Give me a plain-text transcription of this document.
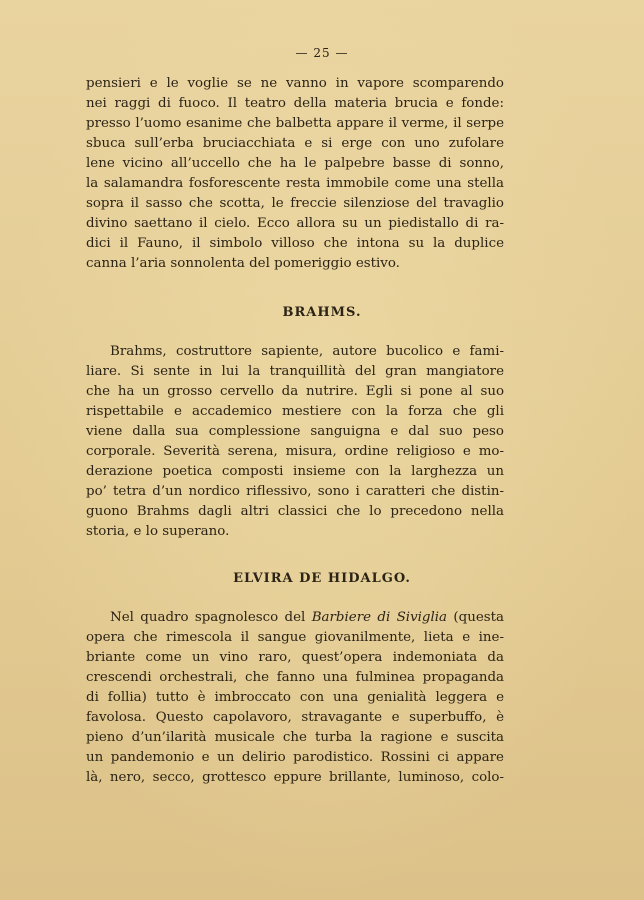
— 25 —
pensieri e le voglie se ne vanno in vapore scomparendo
nei raggi di fuoco. Il teatro della materia brucia e fonde:
presso l’uomo esanime che balbetta appare il verme, il serpe
sbuca sull’erba bruciacchiata e si erge con uno zufolare
lene vicino all’uccello che ha le palpebre basse di sonno,
la salamandra fosforescente resta immobile come una stella
sopra il sasso che scotta, le freccie silenziose del travaglio
divino saettano il cielo. Ecco allora su un piedistallo di ra-
dici il Fauno, il simbolo villoso che intona su la duplice
canna l’aria sonnolenta del pomeriggio estivo.
BRAHMS.
Brahms, costruttore sapiente, autore bucolico e fami-
liare. Si sente in lui la tranquillità del gran mangiatore
che ha un grosso cervello da nutrire. Egli si pone al suo
rispettabile e accademico mestiere con la forza che gli
viene dalla sua complessione sanguigna e dal suo peso
corporale. Severità serena, misura, ordine religioso e mo-
derazione poetica composti insieme con la larghezza un
po’ tetra d’un nordico riflessivo, sono i caratteri che distin-
guono Brahms dagli altri classici che lo precedono nella
storia, e lo superano.
ELVIRA DE HIDALGO.
Nel quadro spagnolesco del Barbiere di Siviglia (questa
opera che rimescola il sangue giovanilmente, lieta e ine-
briante come un vino raro, quest’opera indemoniata da
crescendi orchestrali, che fanno una fulminea propaganda
di follia) tutto è imbroccato con una genialità leggera e
favolosa. Questo capolavoro, stravagante e superbuffo, è
pieno d’un’ilarità musicale che turba la ragione e suscita
un pandemonio e un delirio parodistico. Rossini ci appare
là, nero, secco, grottesco eppure brillante, luminoso, colo-
